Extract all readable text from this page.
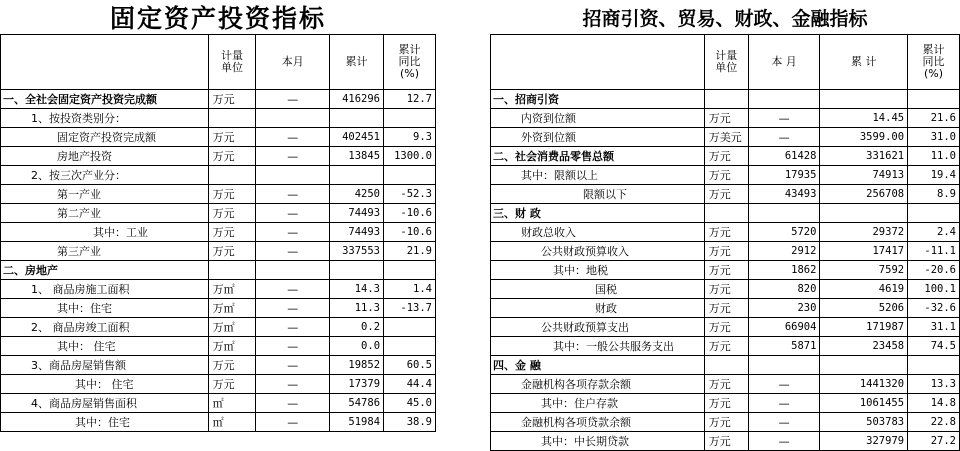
固定资产投资指标
	计量
单位	本月	累计	累计
同比
(%)
一、全社会固定资产投资完成额	万元	—	416296	12.7
1、按投资类别分：				
固定资产投资完成额	万元	—	402451	9.3
房地产投资	万元	—	13845	1300.0
2、按三次产业分：				
第一产业	万元	—	4250	-52.3
第二产业	万元	—	74493	-10.6
其中：工业	万元	—	74493	-10.6
第三产业	万元	—	337553	21.9
二、房地产				
1、 商品房施工面积	万㎡	—	14.3	1.4
其中：住宅	万㎡	—	11.3	-13.7
2、 商品房竣工面积	万㎡	—	0.2	
其中： 住宅	万㎡	—	0.0	
3、商品房屋销售额	万元	—	19852	60.5
其中： 住宅	万元	—	17379	44.4
4、商品房屋销售面积	㎡	—	54786	45.0
其中：住宅	㎡	—	51984	38.9
招商引资、贸易、财政、金融指标
	计量
单位	本 月	累 计	累计
同比
(%)
一、招商引资				
内资到位额	万元	—	14.45	21.6
外资到位额	万美元	—	3599.00	31.0
二、社会消费品零售总额	万元	61428	331621	11.0
其中：限额以上	万元	17935	74913	19.4
限额以下	万元	43493	256708	8.9
三、财 政				
财政总收入	万元	5720	29372	2.4
公共财政预算收入	万元	2912	17417	-11.1
其中：地税	万元	1862	7592	-20.6
国税	万元	820	4619	100.1
财政	万元	230	5206	-32.6
公共财政预算支出	万元	66904	171987	31.1
其中：一般公共服务支出	万元	5871	23458	74.5
四、金 融				
金融机构各项存款余额	万元	—	1441320	13.3
其中：住户存款	万元	—	1061455	14.8
金融机构各项贷款余额	万元	—	503783	22.8
其中：中长期贷款	万元	—	327979	27.2
